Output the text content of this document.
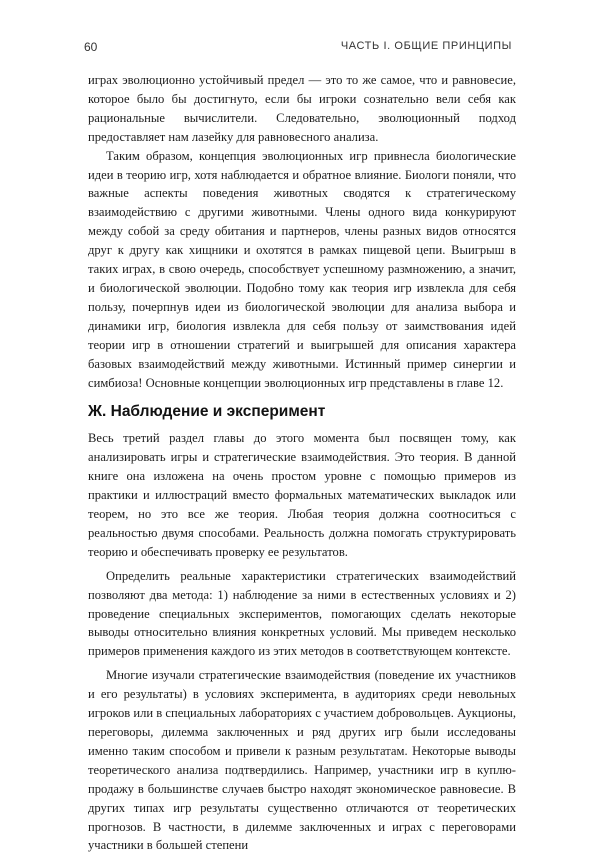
60	ЧАСТЬ I. ОБЩИЕ ПРИНЦИПЫ

играх эволюционно устойчивый предел — это то же самое, что и равновесие, которое было бы достигнуто, если бы игроки сознательно вели себя как рациональные вычислители. Следовательно, эволюционный подход предоставляет нам лазейку для равновесного анализа.

Таким образом, концепция эволюционных игр привнесла биологические идеи в теорию игр, хотя наблюдается и обратное влияние. Биологи поняли, что важные аспекты поведения животных сводятся к стратегическому взаимодействию с другими животными. Члены одного вида конкурируют между собой за среду обитания и партнеров, члены разных видов относятся друг к другу как хищники и охотятся в рамках пищевой цепи. Выигрыш в таких играх, в свою очередь, способствует успешному размножению, а значит, и биологической эволюции. Подобно тому как теория игр извлекла для себя пользу, почерпнув идеи из биологической эволюции для анализа выбора и динамики игр, биология извлекла для себя пользу от заимствования идей теории игр в отношении стратегий и выигрышей для описания характера базовых взаимодействий между животными. Истинный пример синергии и симбиоза! Основные концепции эволюционных игр представлены в главе 12.

Ж. Наблюдение и эксперимент

Весь третий раздел главы до этого момента был посвящен тому, как анализировать игры и стратегические взаимодействия. Это теория. В данной книге она изложена на очень простом уровне с помощью примеров из практики и иллюстраций вместо формальных математических выкладок или теорем, но это все же теория. Любая теория должна соотноситься с реальностью двумя способами. Реальность должна помогать структурировать теорию и обеспечивать проверку ее результатов.

Определить реальные характеристики стратегических взаимодействий позволяют два метода: 1) наблюдение за ними в естественных условиях и 2) проведение специальных экспериментов, помогающих сделать некоторые выводы относительно влияния конкретных условий. Мы приведем несколько примеров применения каждого из этих методов в соответствующем контексте.

Многие изучали стратегические взаимодействия (поведение их участников и его результаты) в условиях эксперимента, в аудиториях среди невольных игроков или в специальных лабораториях с участием добровольцев. Аукционы, переговоры, дилемма заключенных и ряд других игр были исследованы именно таким способом и привели к разным результатам. Некоторые выводы теоретического анализа подтвердились. Например, участники игр в куплю-продажу в большинстве случаев быстро находят экономическое равновесие. В других типах игр результаты существенно отличаются от теоретических прогнозов. В частности, в дилемме заключенных и играх с переговорами участники в большей степени
